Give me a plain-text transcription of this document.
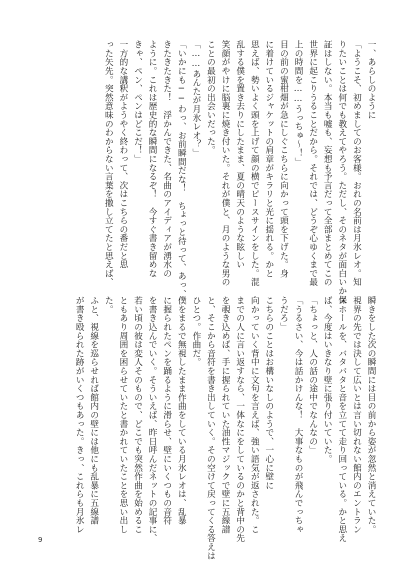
一、あらしのように
「ようこそ、初めましてのお客様。おれの名前は月氷レオ。知
りたいことは何でも教えてやろう。ただし、そのネタが面白いか保
証はしない。本当も嘘も、妄想も予言だって全部まとめてこの
世界に起こりうることだから。それでは、どうぞ心ゆくまで最
上の時間を……うっちゅ～！」
目の前の蜜柑畑が急にしぐこちらに向かって頭を下げた。身
に着けているジャケットの肩章がキラリと光に揺れる。かと
思えば、勢いよく頭を上げて顔の横でピースサインをした。混
乱する僕を置き去りにしたまま、夏の晴天のような眩しい
笑顔がやけに脳裏に焼き付いた。それが僕と、月のような男の
ことの最初の出会いだった。
「……あんたが月氷レオ？」
「いかにも──わっ、お前瞬間だな！　ちょっと待って、あっ、
きたきたきた！　浮かんできた、名曲のアイディアが湧水の
ように。これは歴史的な瞬間になるぞ！　今すぐ書き留めな
きゃ、ペン、ペンはどこだ！」
一方的な講釈がようやく終わって、次はこちらの番だと思
った矢先。突然意味のわからない言葉を撒し立てたと思えば、
瞬きをした次の瞬間には目の前から姿が忽然と消えていた。
視界の先では決して広いとは言い切れない館内のエントラン
スホールを、バタバタと音を立てて走り回っている。かと思え
ば、今度はいきなり壁に張り付いていた。
「ちょっと、人の話の途中でなんなの」
「うるさい、今は話かけんな！　大事なものが飛んでっちゃ
うだろ」
こちらのことはお構いなしのようで、一心に壁に
向かっていく背中に文句を言えば、強い語気が返された。こ
までの人に言い返すなら、一体なにをしているのかと背中の先
を覗き込めば、手に握られていた油性マジックで壁に五線譜
と、そこから音符を書き出していく。その空けて戻ってくる答えは
ひとつ。作曲だ。
僕をまるで無視したまま作曲をしている月氷レオは、乱暴
に握られたペンを踊るように滑らせ、壁にいくつもの音符
を書き込んでいく。そういえば、昨日呼んだネットの記事に、
若い頃の彼は変人そのもので、どこでも突然作曲を始めるこ
ともあり周囲を困らせていたと書かれていたことを思い出し
た。
ふと、視線を巡らせれば館内の壁には他にも乱暴に五線譜
が書き殴られた跡がいくつもあった。きっ、これらも月氷レ
9
